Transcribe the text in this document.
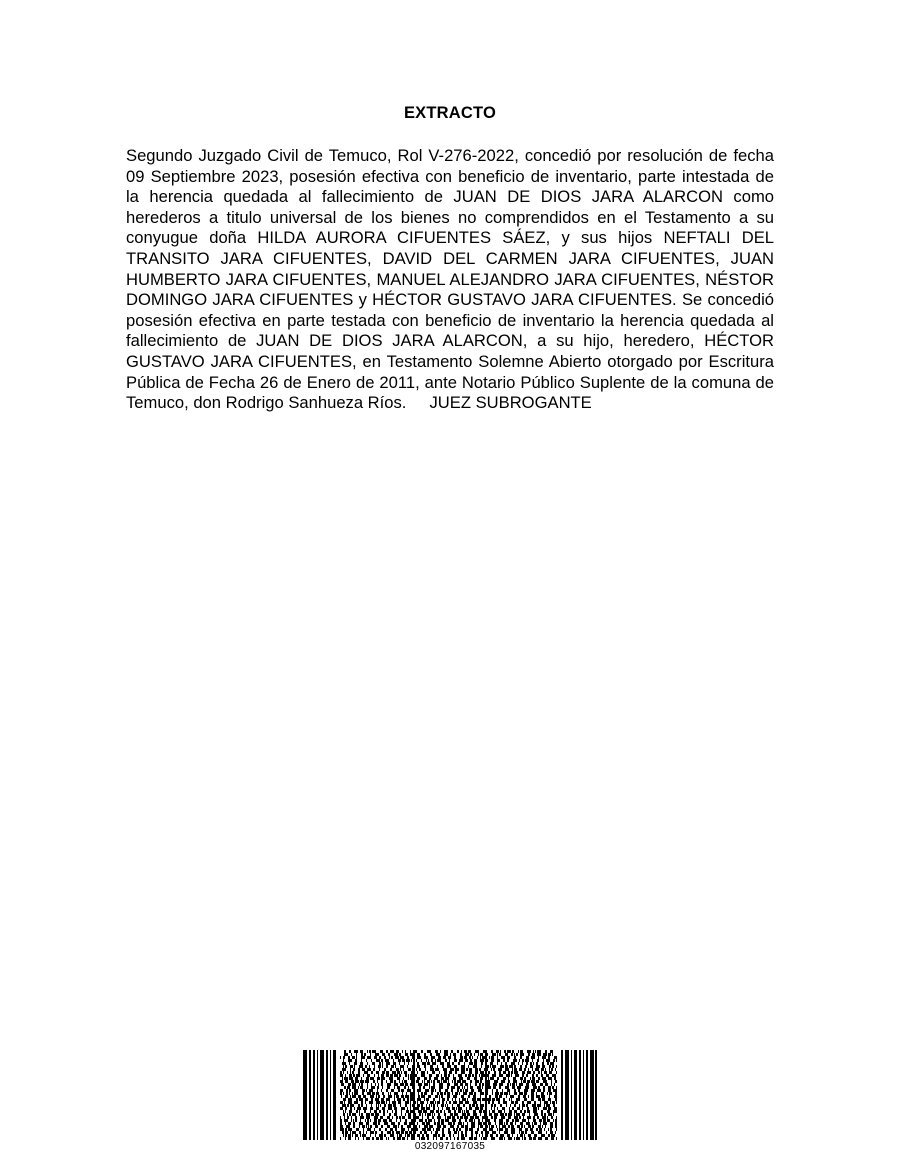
EXTRACTO

Segundo Juzgado Civil de Temuco, Rol V-276-2022, concedió por resolución de fecha 09 Septiembre 2023, posesión efectiva con beneficio de inventario, parte intestada de la herencia quedada al fallecimiento de JUAN DE DIOS JARA ALARCON como herederos a titulo universal de los bienes no comprendidos en el Testamento a su conyugue doña HILDA AURORA CIFUENTES SÁEZ, y sus hijos NEFTALI DEL TRANSITO JARA CIFUENTES, DAVID DEL CARMEN JARA CIFUENTES, JUAN HUMBERTO JARA CIFUENTES, MANUEL ALEJANDRO JARA CIFUENTES, NÉSTOR DOMINGO JARA CIFUENTES y HÉCTOR GUSTAVO JARA CIFUENTES. Se concedió posesión efectiva en parte testada con beneficio de inventario la herencia quedada al fallecimiento de JUAN DE DIOS JARA ALARCON, a su hijo, heredero, HÉCTOR GUSTAVO JARA CIFUENTES, en Testamento Solemne Abierto otorgado por Escritura Pública de Fecha 26 de Enero de 2011, ante Notario Público Suplente de la comuna de Temuco, don Rodrigo Sanhueza Ríos. JUEZ SUBROGANTE

032097167035
